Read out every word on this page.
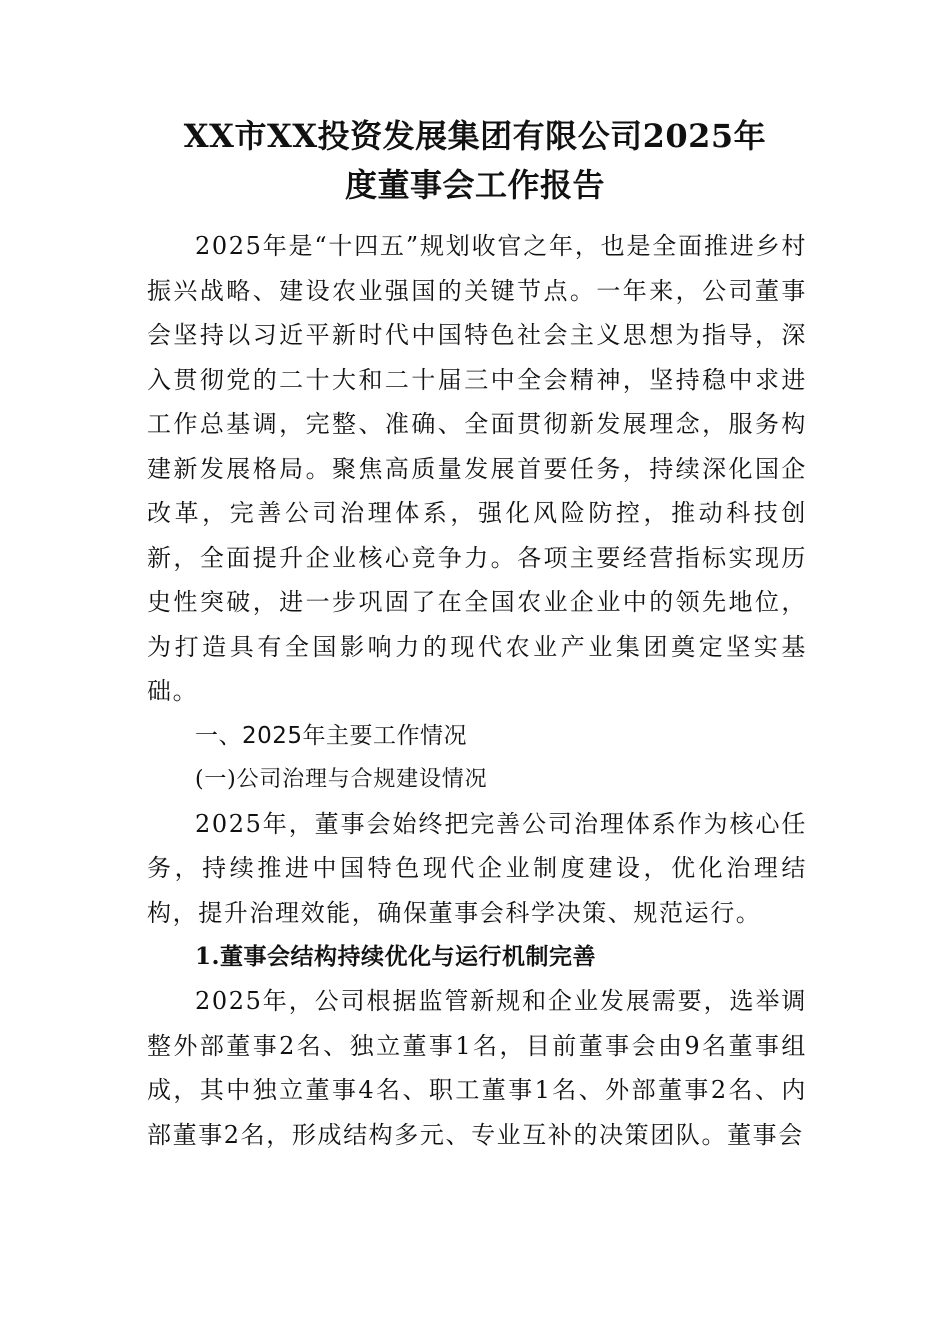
XX市XX投资发展集团有限公司2025年
度董事会工作报告

2025年是“十四五”规划收官之年，也是全面推进乡村振兴战略、建设农业强国的关键节点。一年来，公司董事会坚持以习近平新时代中国特色社会主义思想为指导，深入贯彻党的二十大和二十届三中全会精神，坚持稳中求进工作总基调，完整、准确、全面贯彻新发展理念，服务构建新发展格局。聚焦高质量发展首要任务，持续深化国企改革，完善公司治理体系，强化风险防控，推动科技创新，全面提升企业核心竞争力。各项主要经营指标实现历史性突破，进一步巩固了在全国农业企业中的领先地位，为打造具有全国影响力的现代农业产业集团奠定坚实基础。

一、2025年主要工作情况

(一)公司治理与合规建设情况

2025年，董事会始终把完善公司治理体系作为核心任务，持续推进中国特色现代企业制度建设，优化治理结构，提升治理效能，确保董事会科学决策、规范运行。

1.董事会结构持续优化与运行机制完善

2025年，公司根据监管新规和企业发展需要，选举调整外部董事2名、独立董事1名，目前董事会由9名董事组成，其中独立董事4名、职工董事1名、外部董事2名、内部董事2名，形成结构多元、专业互补的决策团队。董事会
